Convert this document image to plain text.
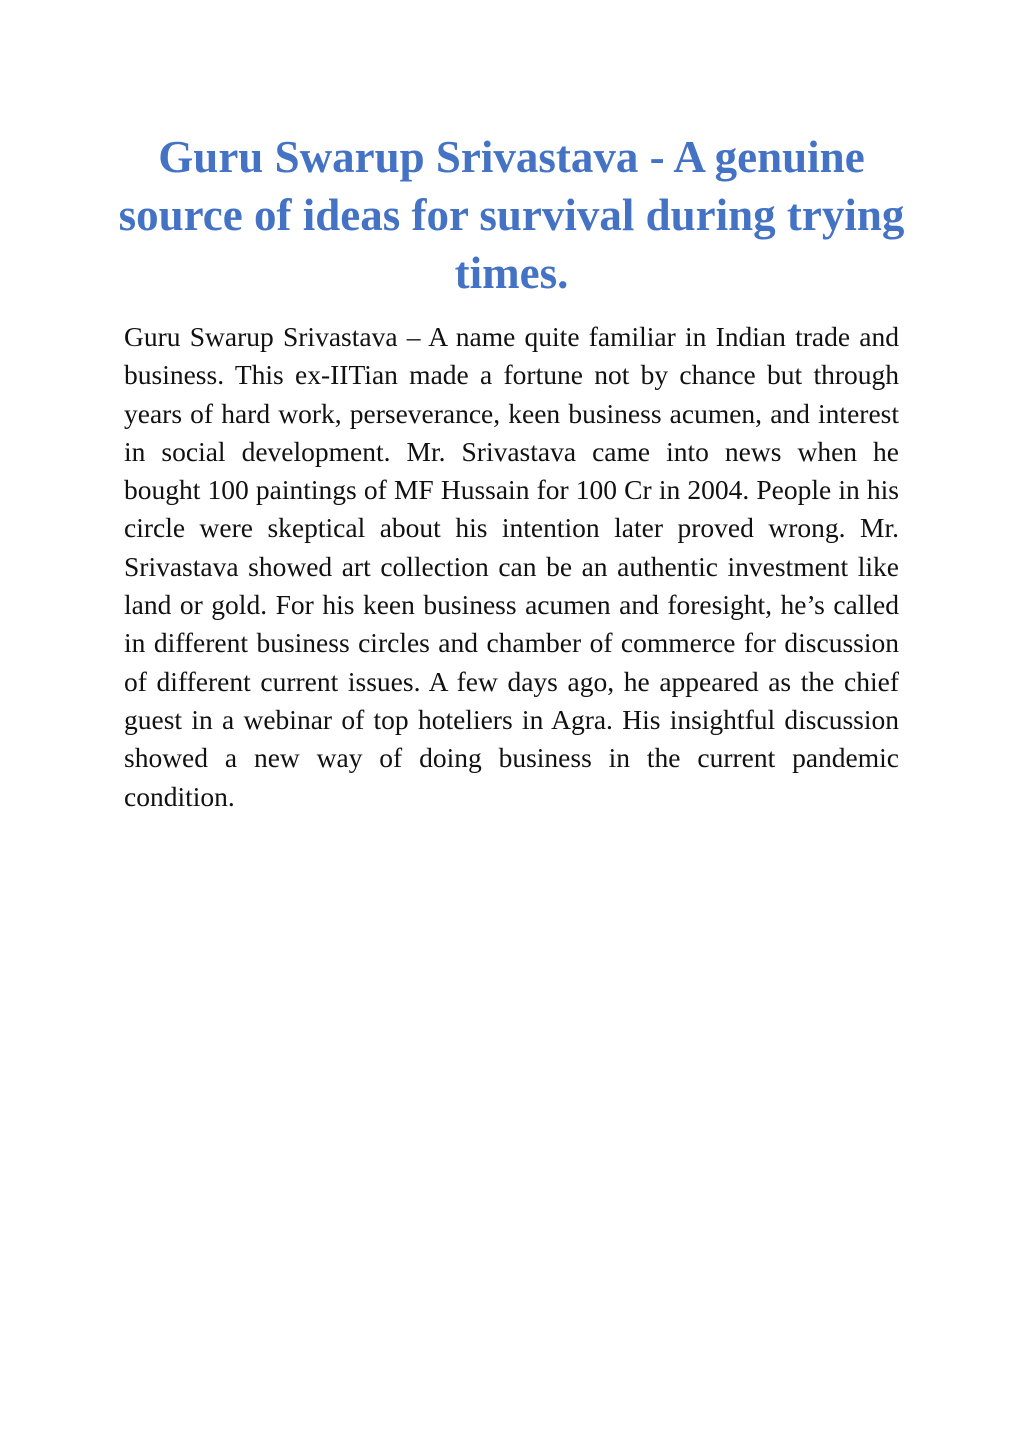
Guru Swarup Srivastava - A genuine source of ideas for survival during trying times.

Guru Swarup Srivastava – A name quite familiar in Indian trade and business. This ex-IITian made a fortune not by chance but through years of hard work, perseverance, keen business acumen, and interest in social development. Mr. Srivastava came into news when he bought 100 paintings of MF Hussain for 100 Cr in 2004. People in his circle were skeptical about his intention later proved wrong. Mr. Srivastava showed art collection can be an authentic investment like land or gold. For his keen business acumen and foresight, he’s called in different business circles and chamber of commerce for discussion of different current issues. A few days ago, he appeared as the chief guest in a webinar of top hoteliers in Agra. His insightful discussion showed a new way of doing business in the current pandemic condition.
